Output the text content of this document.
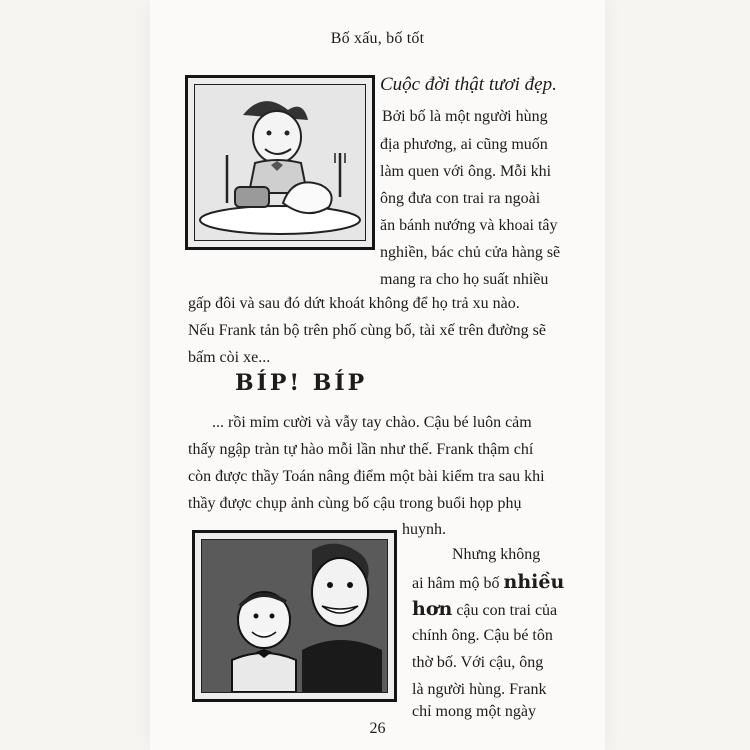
Bố xấu, bố tốt
Cuộc đời thật tươi đẹp.
Bởi bố là một người hùng
địa phương, ai cũng muốn
làm quen với ông. Mỗi khi
ông đưa con trai ra ngoài
ăn bánh nướng và khoai tây
nghiền, bác chủ cửa hàng sẽ
mang ra cho họ suất nhiều
gấp đôi và sau đó dứt khoát không để họ trả xu nào.
Nếu Frank tản bộ trên phố cùng bố, tài xế trên đường sẽ
bấm còi xe...
BÍP! BÍP
... rồi mỉm cười và vẫy tay chào. Cậu bé luôn cảm
thấy ngập tràn tự hào mỗi lần như thế. Frank thậm chí
còn được thầy Toán nâng điểm một bài kiểm tra sau khi
thầy được chụp ảnh cùng bố cậu trong buổi họp phụ
huynh.
Nhưng không
ai hâm mộ bố nhiều
hơn cậu con trai của
chính ông. Cậu bé tôn
thờ bố. Với cậu, ông
là người hùng. Frank
chỉ mong một ngày
26
